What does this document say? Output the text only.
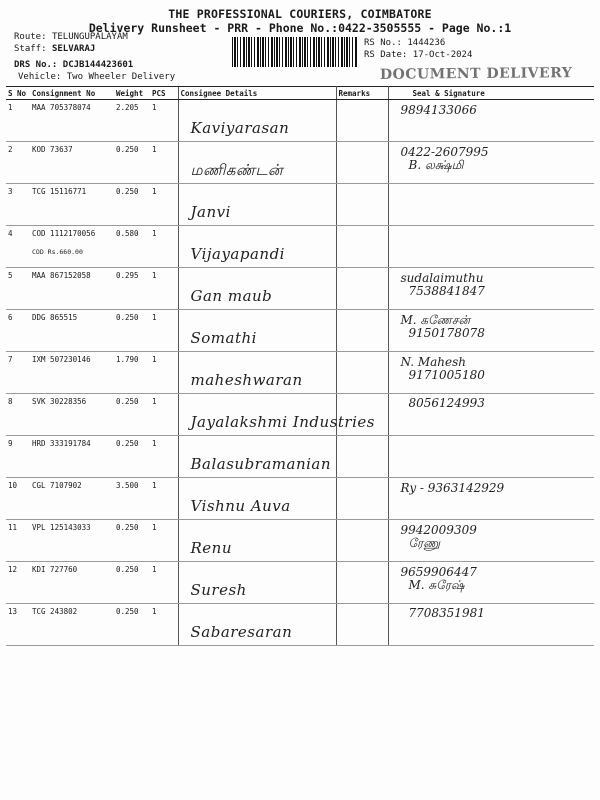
THE PROFESSIONAL COURIERS, COIMBATORE
Delivery Runsheet - PRR - Phone No.:0422-3505555 - Page No.:1
Route: TELUNGUPALAYAM
Staff: SELVARAJ
DRS No.: DCJB144423601
Vehicle: Two Wheeler Delivery
RS No.: 1444236
RS Date: 17-Oct-2024
DOCUMENT DELIVERY
S No	Consignment No	Weight	PCS	Consignee Details	Remarks	Seal & Signature
1	MAA 705378074	2.205	1	Kaviyarasan		9894133066

2	KOD 73637	0.250	1	மணிகண்டன்		0422-2607995
B. லக்ஷ்மி

3	TCG 15116771	0.250	1	Janvi		

4	COD 1112170056
COD Rs.660.00	0.580	1	Vijayapandi		

5	MAA 867152058	0.295	1	Gan maub		sudalaimuthu
7538841847

6	DDG 865515	0.250	1	Somathi		M. கணேசன்
9150178078

7	IXM 507230146	1.790	1	maheshwaran		N. Mahesh
9171005180

8	SVK 30228356	0.250	1	Jayalakshmi Industries		8056124993

9	HRD 333191784	0.250	1	Balasubramanian		

10	CGL 7107902	3.500	1	Vishnu Auva		Ry - 9363142929

11	VPL 125143033	0.250	1	Renu		9942009309
ரேணு

12	KDI 727760	0.250	1	Suresh		9659906447
M. சுரேஷ்

13	TCG 243802	0.250	1	Sabaresaran		7708351981
